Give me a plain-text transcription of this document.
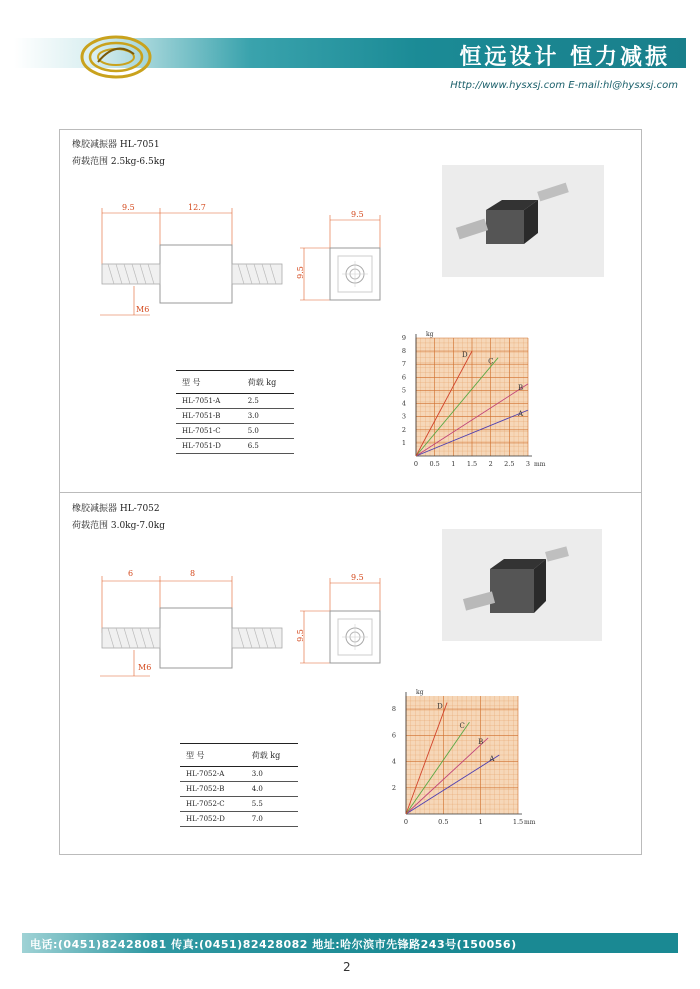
恒远设计 恒力减振
Http://www.hysxsj.com E-mail:hl@hysxsj.com
橡胶减振器 HL-7051
荷载范围 2.5kg-6.5kg
9.5	12.7
M6
9.5
9.5
型 号	荷载 kg
HL-7051-A	2.5
HL-7051-B	3.0
HL-7051-C	5.0
HL-7051-D	6.5
0 0.5 1 1.5 2 2.5 3
1
2
3
4
5
6
7
8
9	kg
mm
A
B
C
D
橡胶减振器 HL-7052
荷载范围 3.0kg-7.0kg
6	8
M6
9.5
9.5
型 号	荷载 kg
HL-7052-A	3.0
HL-7052-B	4.0
HL-7052-C	5.5
HL-7052-D	7.0	0	0.5	1	1.5
2
4
6
8
kg
mm
A
B
C
D
电话:(0451)82428081 传真:(0451)82428082 地址:哈尔滨市先锋路243号(150056)
2
